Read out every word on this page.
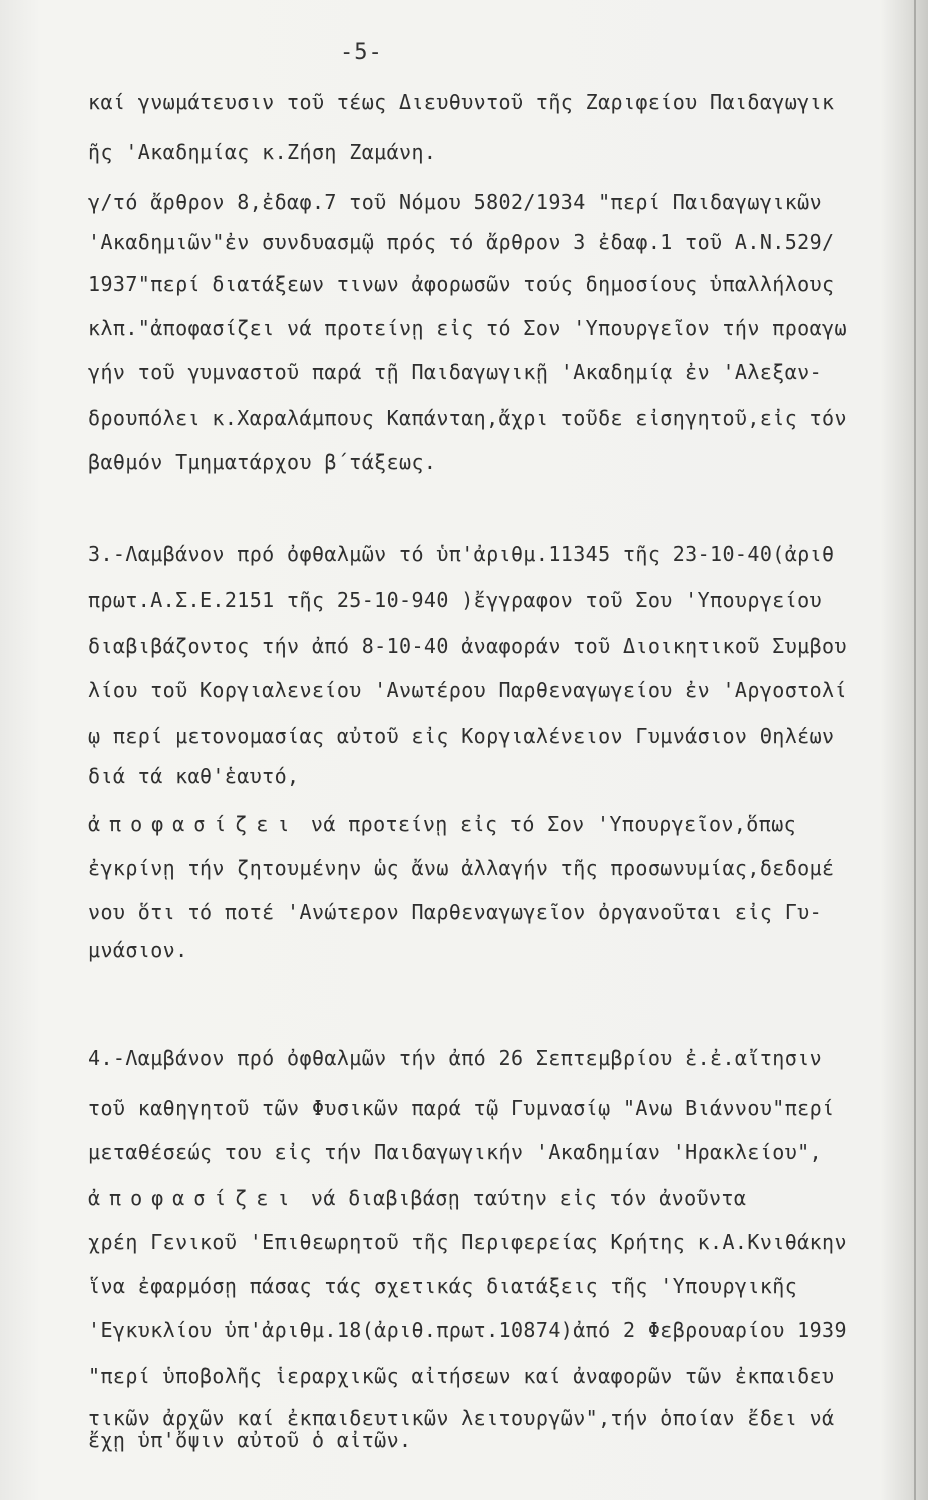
-5-
καί γνωμάτευσιν τοῦ τέως Διευθυντοῦ τῆς Ζαριφείου Παιδαγωγικ
ῆς 'Ακαδημίας κ.Ζήση Ζαμάνη.
γ/τό ἄρθρον 8,ἐδαφ.7 τοῦ Νόμου 5802/1934 "περί Παιδαγωγικῶν
'Ακαδημιῶν"ἐν συνδυασμῷ πρός τό ἄρθρον 3 ἐδαφ.1 τοῦ Α.Ν.529/
1937"περί διατάξεων τινων ἀφορωσῶν τούς δημοσίους ὑπαλλήλους
κλπ."ἀποφασίζει νά προτείνῃ εἰς τό Σον 'Υπουργεῖον τήν προαγω
γήν τοῦ γυμναστοῦ παρά τῇ Παιδαγωγικῇ 'Ακαδημίᾳ ἐν 'Αλεξαν-
δρουπόλει κ.Χαραλάμπους Καπάνταη,ἄχρι τοῦδε εἰσηγητοῦ,εἰς τόν
βαθμόν Τμηματάρχου β΄τάξεως.
3.-Λαμβάνον πρό ὀφθαλμῶν τό ὑπ'ἀριθμ.11345 τῆς 23-10-40(ἀριθ
πρωτ.Α.Σ.Ε.2151 τῆς 25-10-940 )ἔγγραφον τοῦ Σου 'Υπουργείου
διαβιβάζοντος τήν ἀπό 8-10-40 ἀναφοράν τοῦ Διοικητικοῦ Συμβου
λίου τοῦ Κοργιαλενείου 'Ανωτέρου Παρθεναγωγείου ἐν 'Αργοστολί
ῳ περί μετονομασίας αὐτοῦ εἰς Κοργιαλένειον Γυμνάσιον Θηλέων
διά τά καθ'ἑαυτό,
ἀποφασίζει νά προτείνῃ εἰς τό Σον 'Υπουργεῖον,ὅπως
ἐγκρίνῃ τήν ζητουμένην ὡς ἄνω ἀλλαγήν τῆς προσωνυμίας,δεδομέ
νου ὅτι τό ποτέ 'Ανώτερον Παρθεναγωγεῖον ὀργανοῦται εἰς Γυ-
μνάσιον.
4.-Λαμβάνον πρό ὀφθαλμῶν τήν ἀπό 26 Σεπτεμβρίου ἐ.ἐ.αἴτησιν
τοῦ καθηγητοῦ τῶν Φυσικῶν παρά τῷ Γυμνασίῳ "Ανω Βιάννου"περί
μεταθέσεώς του εἰς τήν Παιδαγωγικήν 'Ακαδημίαν 'Ηρακλείου",
ἀποφασίζει νά διαβιβάσῃ ταύτην εἰς τόν ἀνοῦντα
χρέη Γενικοῦ 'Επιθεωρητοῦ τῆς Περιφερείας Κρήτης κ.Α.Κνιθάκην
ἵνα ἐφαρμόσῃ πάσας τάς σχετικάς διατάξεις τῆς 'Υπουργικῆς
'Εγκυκλίου ὑπ'ἀριθμ.18(ἀριθ.πρωτ.10874)ἀπό 2 Φεβρουαρίου 1939
"περί ὑποβολῆς ἱεραρχικῶς αἰτήσεων καί ἀναφορῶν τῶν ἐκπαιδευ
τικῶν ἀρχῶν καί ἐκπαιδευτικῶν λειτουργῶν",τήν ὁποίαν ἔδει νά
ἔχῃ ὑπ'ὄψιν αὐτοῦ ὁ αἰτῶν.
